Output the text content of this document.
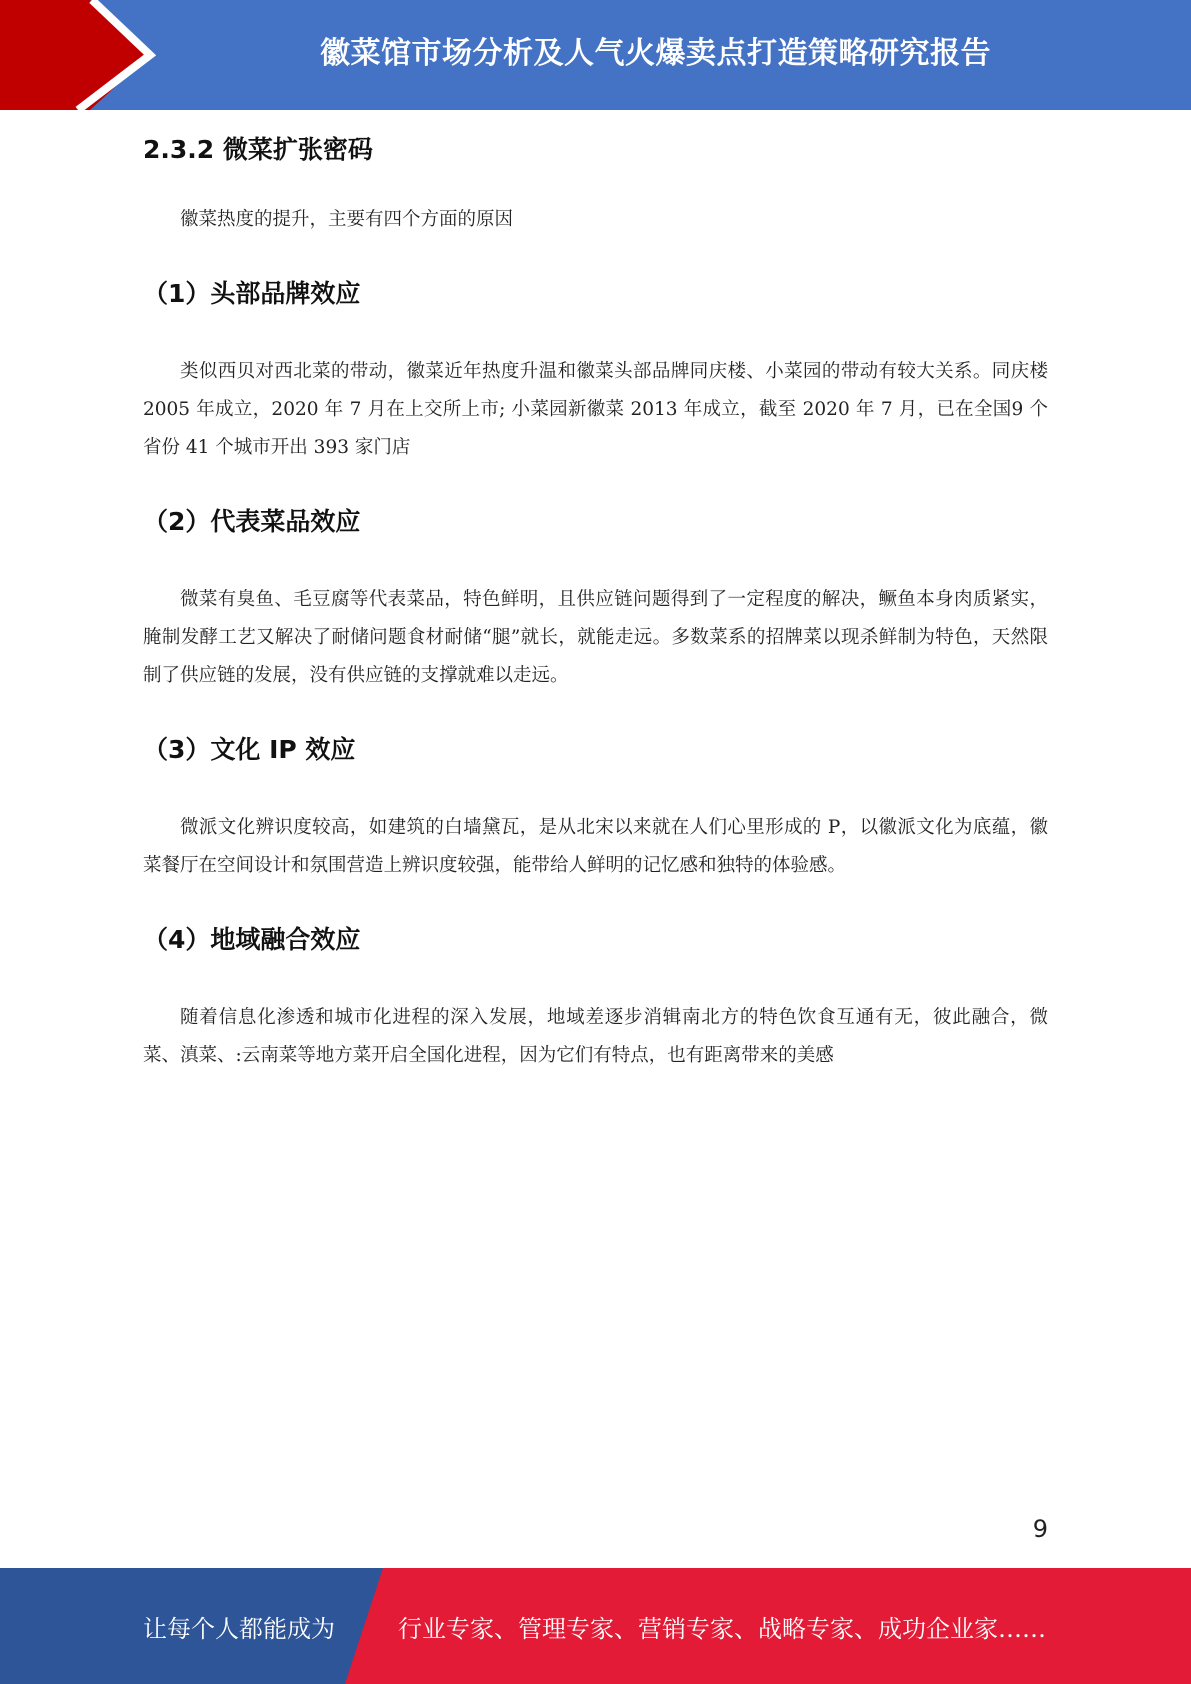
徽菜馆市场分析及人气火爆卖点打造策略研究报告
2.3.2 微菜扩张密码

徽菜热度的提升，主要有四个方面的原因

（1）头部品牌效应

类似西贝对西北菜的带动，徽菜近年热度升温和徽菜头部品牌同庆楼、小菜园的带动有较大关系。同庆楼 2005 年成立，2020 年 7 月在上交所上市; 小菜园新徽菜 2013 年成立，截至 2020 年 7 月，已在全国9 个省份 41 个城市开出 393 家门店

（2）代表菜品效应

微菜有臭鱼、毛豆腐等代表菜品，特色鲜明，且供应链问题得到了一定程度的解决，鳜鱼本身肉质紧实，腌制发酵工艺又解决了耐储问题食材耐储“腿”就长，就能走远。多数菜系的招牌菜以现杀鲜制为特色，天然限制了供应链的发展，没有供应链的支撑就难以走远。

（3）文化 IP 效应

微派文化辨识度较高，如建筑的白墙黛瓦，是从北宋以来就在人们心里形成的 P，以徽派文化为底蕴，徽菜餐厅在空间设计和氛围营造上辨识度较强，能带给人鲜明的记忆感和独特的体验感。

（4）地域融合效应

随着信息化渗透和城市化进程的深入发展，地域差逐步消辑南北方的特色饮食互通有无，彼此融合，微菜、滇菜、:云南菜等地方菜开启全国化进程，因为它们有特点，也有距离带来的美感

9
让每个人都能成为	行业专家、管理专家、营销专家、战略专家、成功企业家……
